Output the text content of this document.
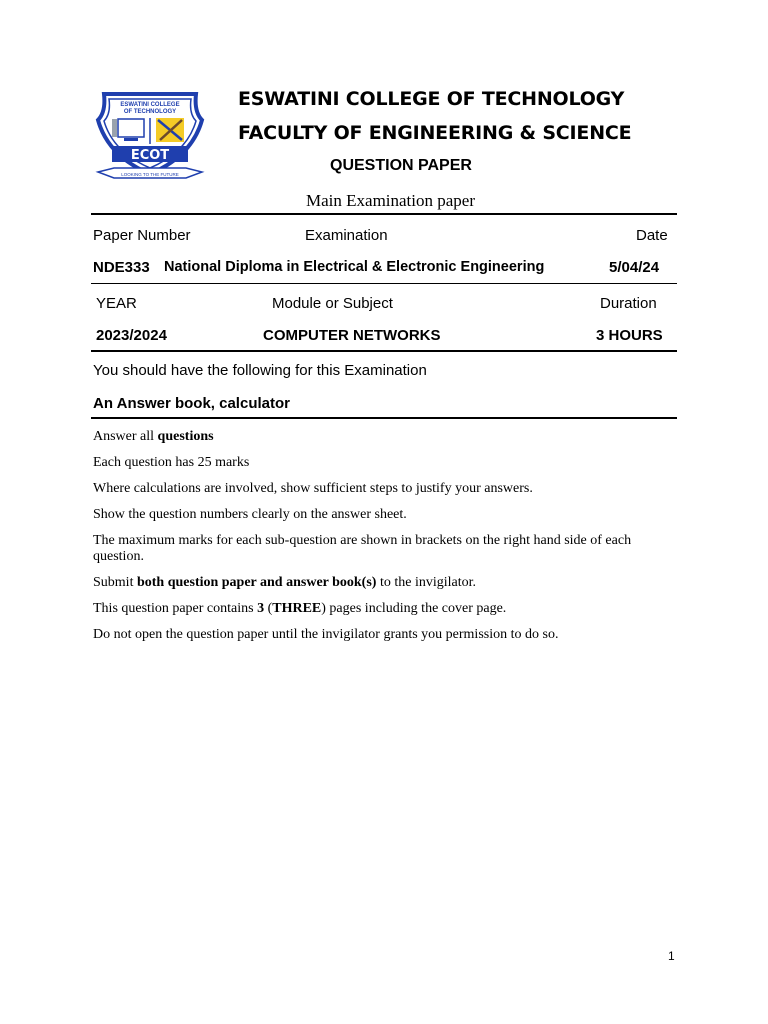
ESWATINI COLLEGE
OF TECHNOLOGY
ECOT
LOOKING TO THE FUTURE
ESWATINI COLLEGE OF TECHNOLOGY
FACULTY OF ENGINEERING & SCIENCE
QUESTION PAPER
Main Examination paper
Paper Number	Examination	Date
NDE333 National Diploma in Electrical & Electronic Engineering	5/04/24
YEAR	Module or Subject	Duration
2023/2024	COMPUTER NETWORKS	3 HOURS
You should have the following for this Examination
An Answer book, calculator
Answer all questions
Each question has 25 marks
Where calculations are involved, show sufficient steps to justify your answers.
Show the question numbers clearly on the answer sheet.
The maximum marks for each sub-question are shown in brackets on the right hand side of each question.
Submit both question paper and answer book(s) to the invigilator.
This question paper contains 3 (THREE) pages including the cover page.
Do not open the question paper until the invigilator grants you permission to do so.
1
